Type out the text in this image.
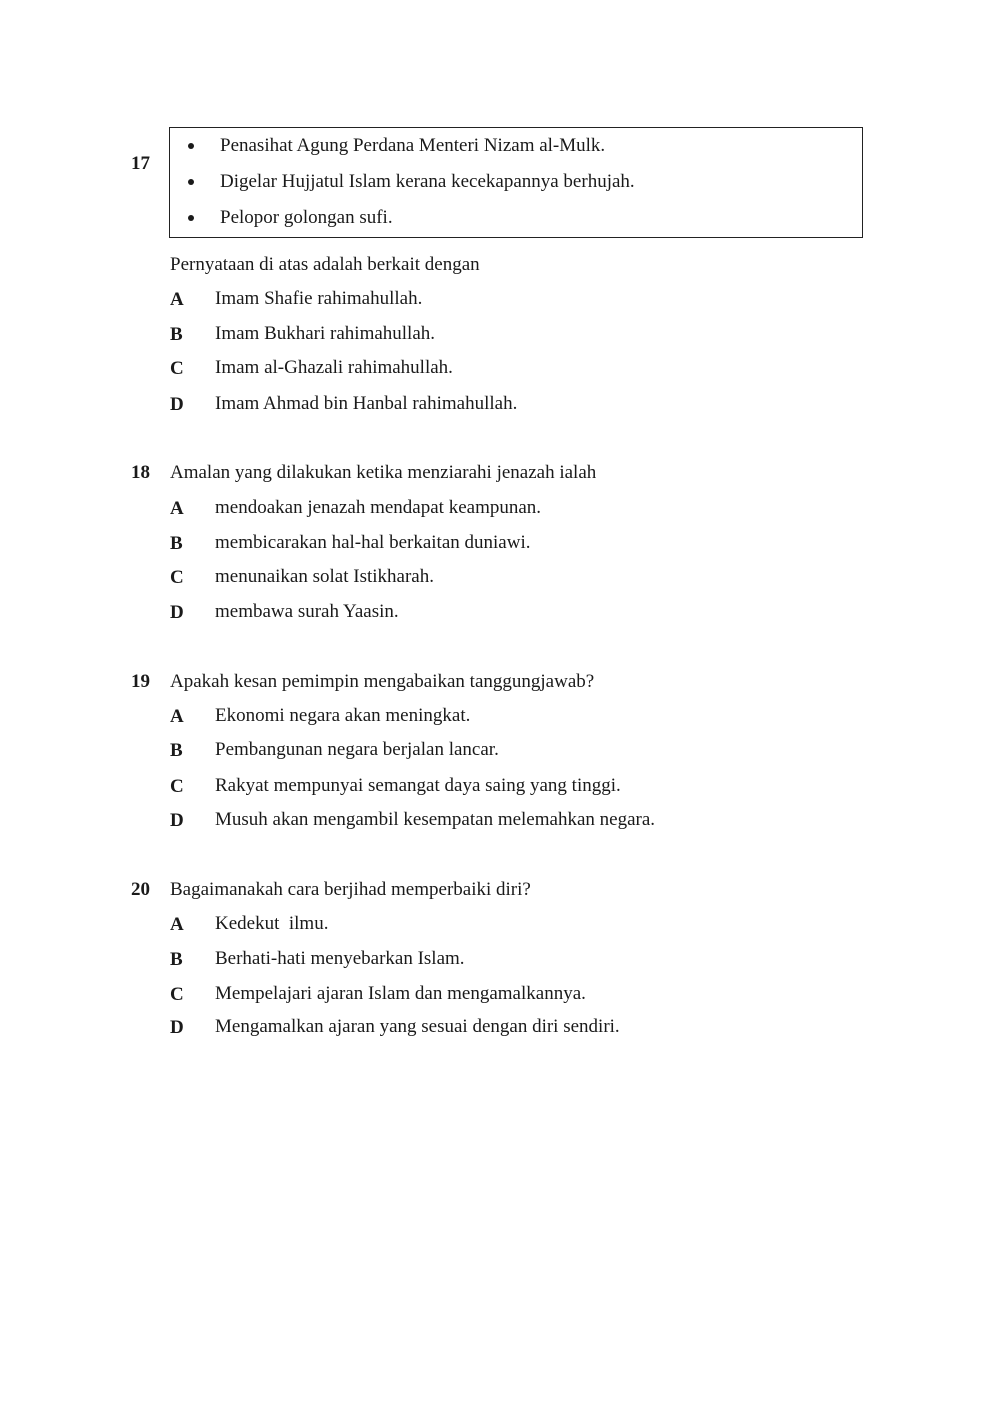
17
Penasihat Agung Perdana Menteri Nizam al-Mulk.
Digelar Hujjatul Islam kerana kecekapannya berhujah.
Pelopor golongan sufi.
Pernyataan di atas adalah berkait dengan
A Imam Shafie rahimahullah.
B Imam Bukhari rahimahullah.
C Imam al-Ghazali rahimahullah.
D Imam Ahmad bin Hanbal rahimahullah.
18 Amalan yang dilakukan ketika menziarahi jenazah ialah
A mendoakan jenazah mendapat keampunan.
B membicarakan hal-hal berkaitan duniawi.
C menunaikan solat Istikharah.
D membawa surah Yaasin.
19 Apakah kesan pemimpin mengabaikan tanggungjawab?
A Ekonomi negara akan meningkat.
B Pembangunan negara berjalan lancar.
C Rakyat mempunyai semangat daya saing yang tinggi.
D Musuh akan mengambil kesempatan melemahkan negara.
20 Bagaimanakah cara berjihad memperbaiki diri?
A Kedekut  ilmu.
B Berhati-hati menyebarkan Islam.
C Mempelajari ajaran Islam dan mengamalkannya.
D Mengamalkan ajaran yang sesuai dengan diri sendiri.
